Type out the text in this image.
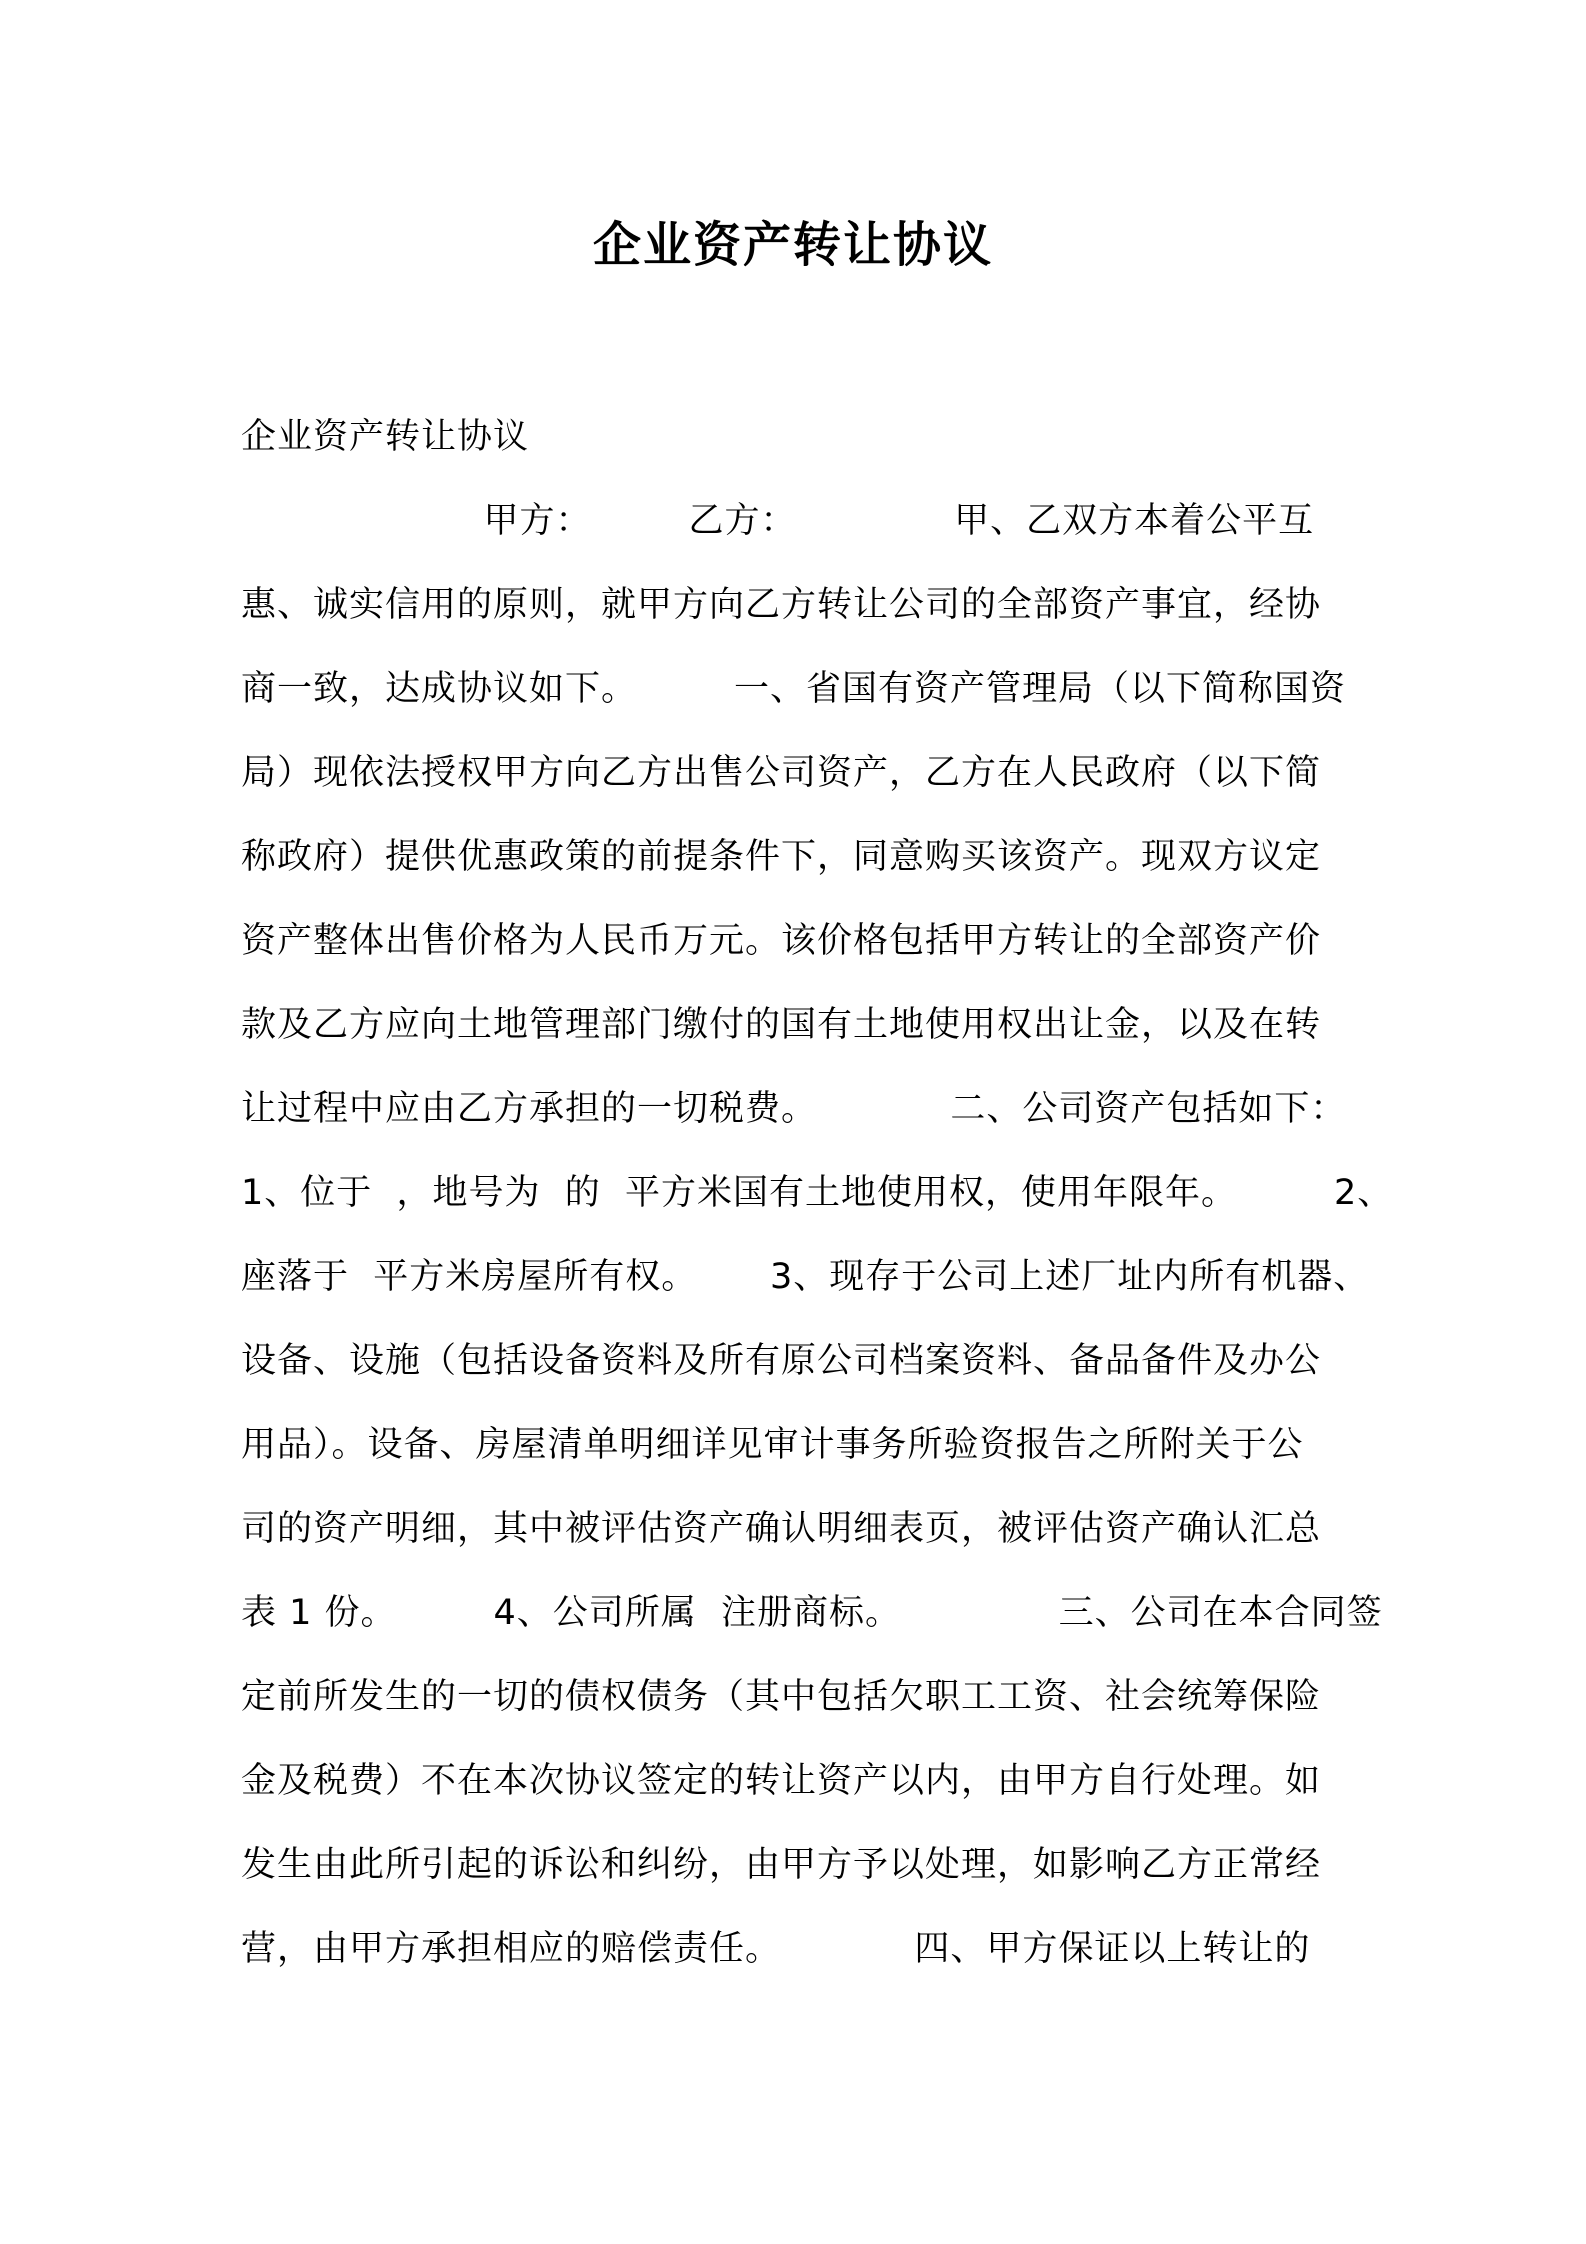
企业资产转让协议
企业资产转让协议
甲方：        乙方：             甲、乙双方本着公平互
惠、诚实信用的原则，就甲方向乙方转让公司的全部资产事宜，经协
商一致，达成协议如下。        一、省国有资产管理局（以下简称国资
局）现依法授权甲方向乙方出售公司资产，乙方在人民政府（以下简
称政府）提供优惠政策的前提条件下，同意购买该资产。现双方议定
资产整体出售价格为人民币万元。该价格包括甲方转让的全部资产价
款及乙方应向土地管理部门缴付的国有土地使用权出让金，以及在转
让过程中应由乙方承担的一切税费。           二、公司资产包括如下：
1、位于  ，地号为  的  平方米国有土地使用权，使用年限年。        2、
座落于  平方米房屋所有权。      3、现存于公司上述厂址内所有机器、
设备、设施（包括设备资料及所有原公司档案资料、备品备件及办公
用品）。设备、房屋清单明细详见审计事务所验资报告之所附关于公
司的资产明细，其中被评估资产确认明细表页，被评估资产确认汇总
表 1 份。        4、公司所属  注册商标。             三、公司在本合同签
定前所发生的一切的债权债务（其中包括欠职工工资、社会统筹保险
金及税费）不在本次协议签定的转让资产以内，由甲方自行处理。如
发生由此所引起的诉讼和纠纷，由甲方予以处理，如影响乙方正常经
营，由甲方承担相应的赔偿责任。           四、甲方保证以上转让的
